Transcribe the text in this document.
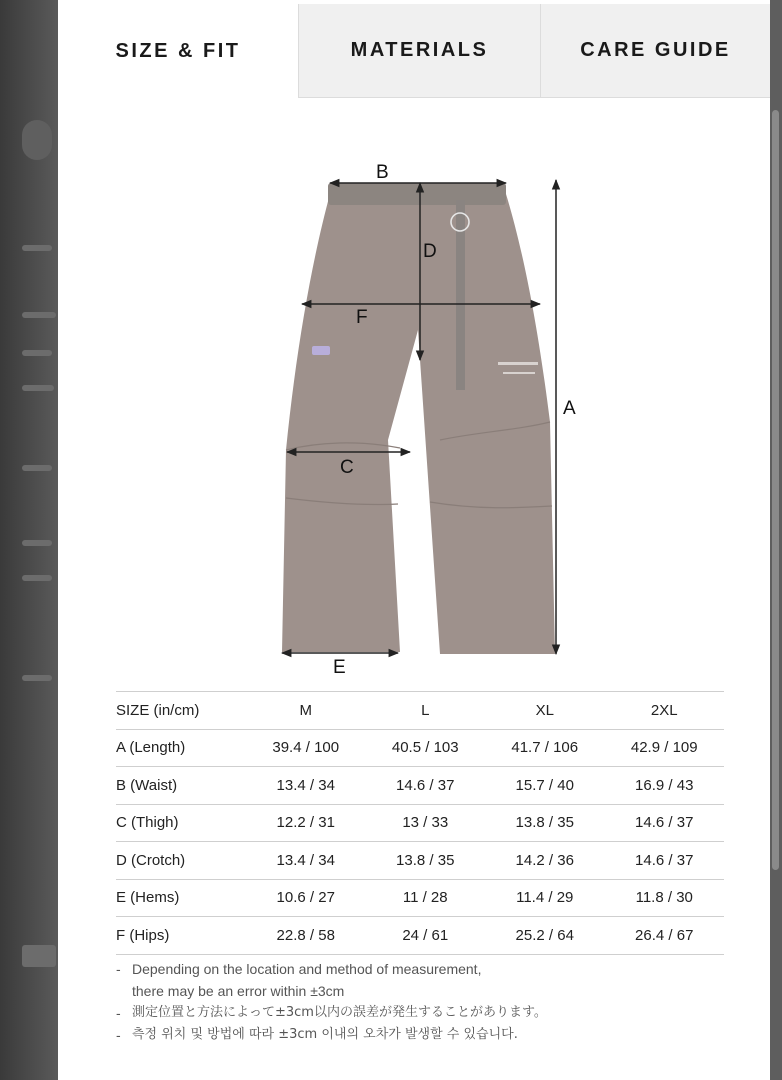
SIZE & FIT	MATERIALS	CARE GUIDE
B
D
F
C
E
A
SIZE (in/cm)	M	L	XL	2XL
A (Length)	39.4 / 100	40.5 / 103	41.7 / 106	42.9 / 109
B (Waist)	13.4 / 34	14.6 / 37	15.7 / 40	16.9 / 43
C (Thigh)	12.2 / 31	13 / 33	13.8 / 35	14.6 / 37
D (Crotch)	13.4 / 34	13.8 / 35	14.2 / 36	14.6 / 37
E (Hems)	10.6 / 27	11 / 28	11.4 / 29	11.8 / 30
F (Hips)	22.8 / 58	24 / 61	25.2 / 64	26.4 / 67
- Depending on the location and method of measurement,
there may be an error within ±3cm
- 測定位置と方法によって±3cm以内の誤差が発生することがあります。
- 측정 위치 및 방법에 따라 ±3cm 이내의 오차가 발생할 수 있습니다.
